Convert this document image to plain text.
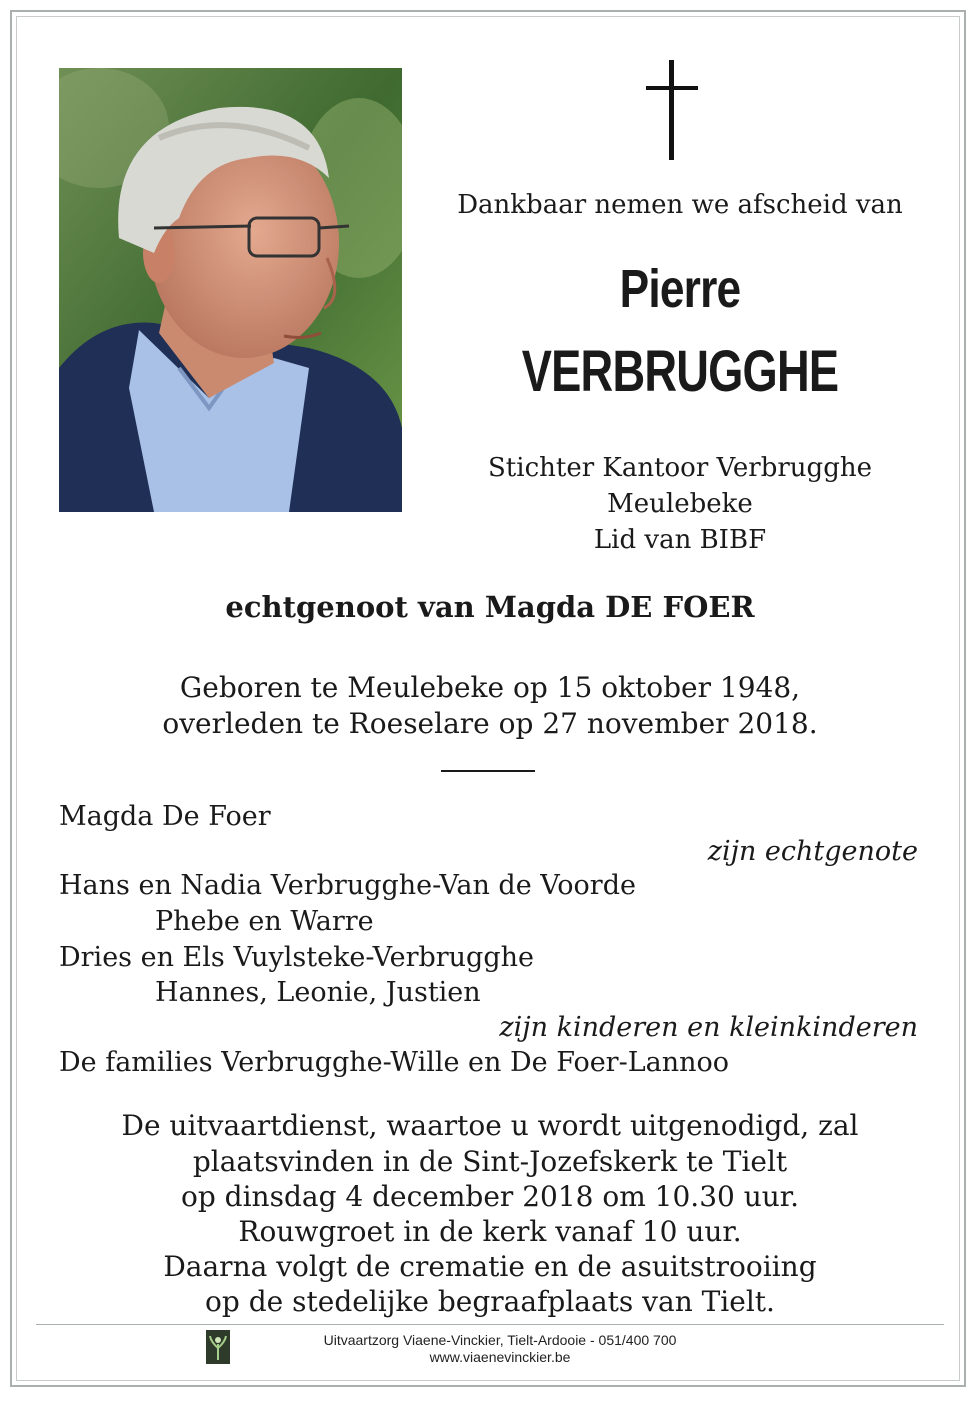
Dankbaar nemen we afscheid van
Pierre
VERBRUGGHE
Stichter Kantoor Verbrugghe
Meulebeke
Lid van BIBF
echtgenoot van Magda DE FOER
Geboren te Meulebeke op 15 oktober 1948,
overleden te Roeselare op 27 november 2018.
Magda De Foer
zijn echtgenote
Hans en Nadia Verbrugghe-Van de Voorde
Phebe en Warre
Dries en Els Vuylsteke-Verbrugghe
Hannes, Leonie, Justien
zijn kinderen en kleinkinderen
De families Verbrugghe-Wille en De Foer-Lannoo
De uitvaartdienst, waartoe u wordt uitgenodigd, zal
plaatsvinden in de Sint-Jozefskerk te Tielt
op dinsdag 4 december 2018 om 10.30 uur.
Rouwgroet in de kerk vanaf 10 uur.
Daarna volgt de crematie en de asuitstrooiing
op de stedelijke begraafplaats van Tielt.
Uitvaartzorg Viaene-Vinckier, Tielt-Ardooie - 051/400 700
www.viaenevinckier.be
